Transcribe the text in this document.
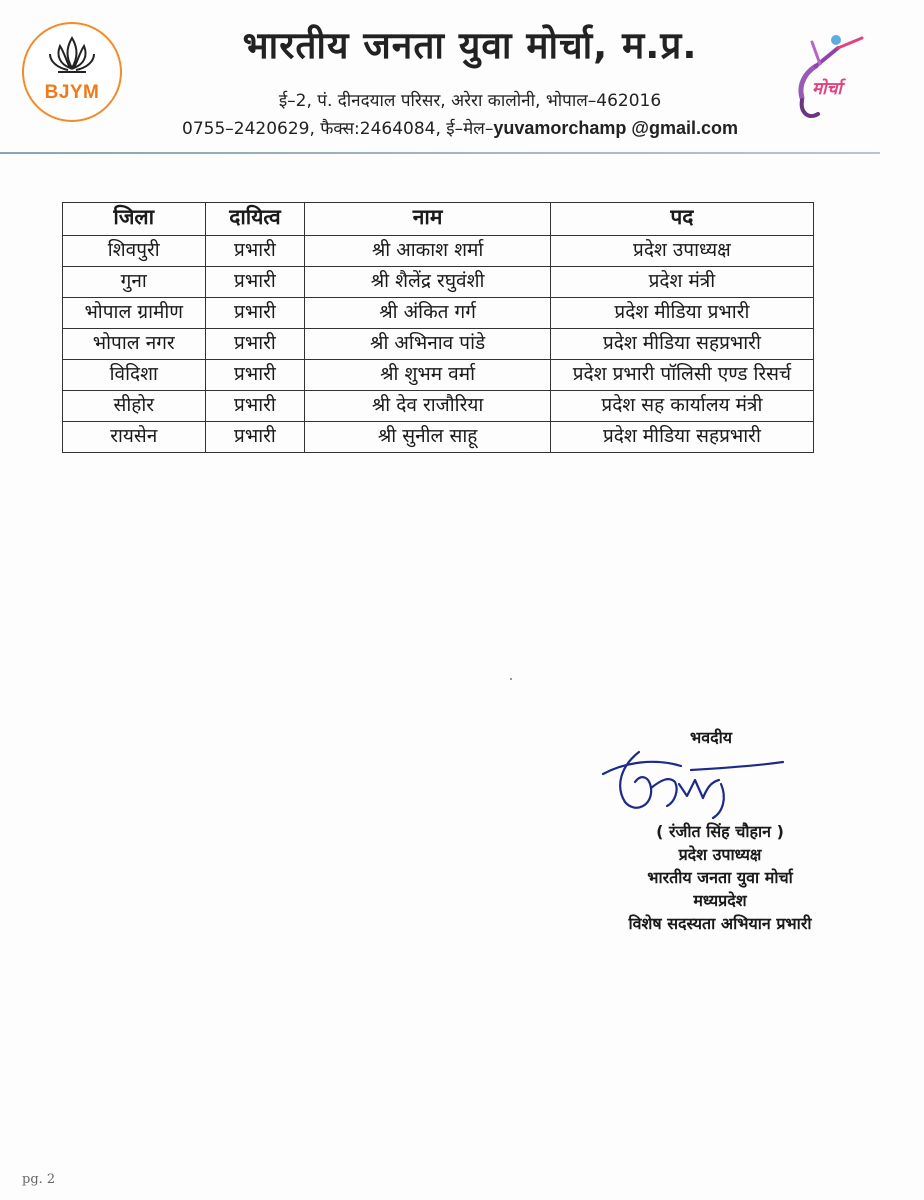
BJYM
भारतीय जनता युवा मोर्चा, म.प्र.
ई–2, पं. दीनदयाल परिसर, अरेरा कालोनी, भोपाल–462016
0755–2420629, फैक्स:2464084, ई–मेल–yuvamorchamp @gmail.com
मोर्चा
जिला	दायित्व	नाम	पद
शिवपुरी	प्रभारी	श्री आकाश शर्मा	प्रदेश उपाध्यक्ष
गुना	प्रभारी	श्री शैलेंद्र रघुवंशी	प्रदेश मंत्री
भोपाल ग्रामीण	प्रभारी	श्री अंकित गर्ग	प्रदेश मीडिया प्रभारी
भोपाल नगर	प्रभारी	श्री अभिनाव पांडे	प्रदेश मीडिया सहप्रभारी
विदिशा	प्रभारी	श्री शुभम वर्मा	प्रदेश प्रभारी पॉलिसी एण्ड रिसर्च
सीहोर	प्रभारी	श्री देव राजौरिया	प्रदेश सह कार्यालय मंत्री
रायसेन	प्रभारी	श्री सुनील साहू	प्रदेश मीडिया सहप्रभारी
भवदीय
( रंजीत सिंह चौहान )
प्रदेश उपाध्यक्ष
भारतीय जनता युवा मोर्चा
मध्यप्रदेश
विशेष सदस्यता अभियान प्रभारी
pg. 2
